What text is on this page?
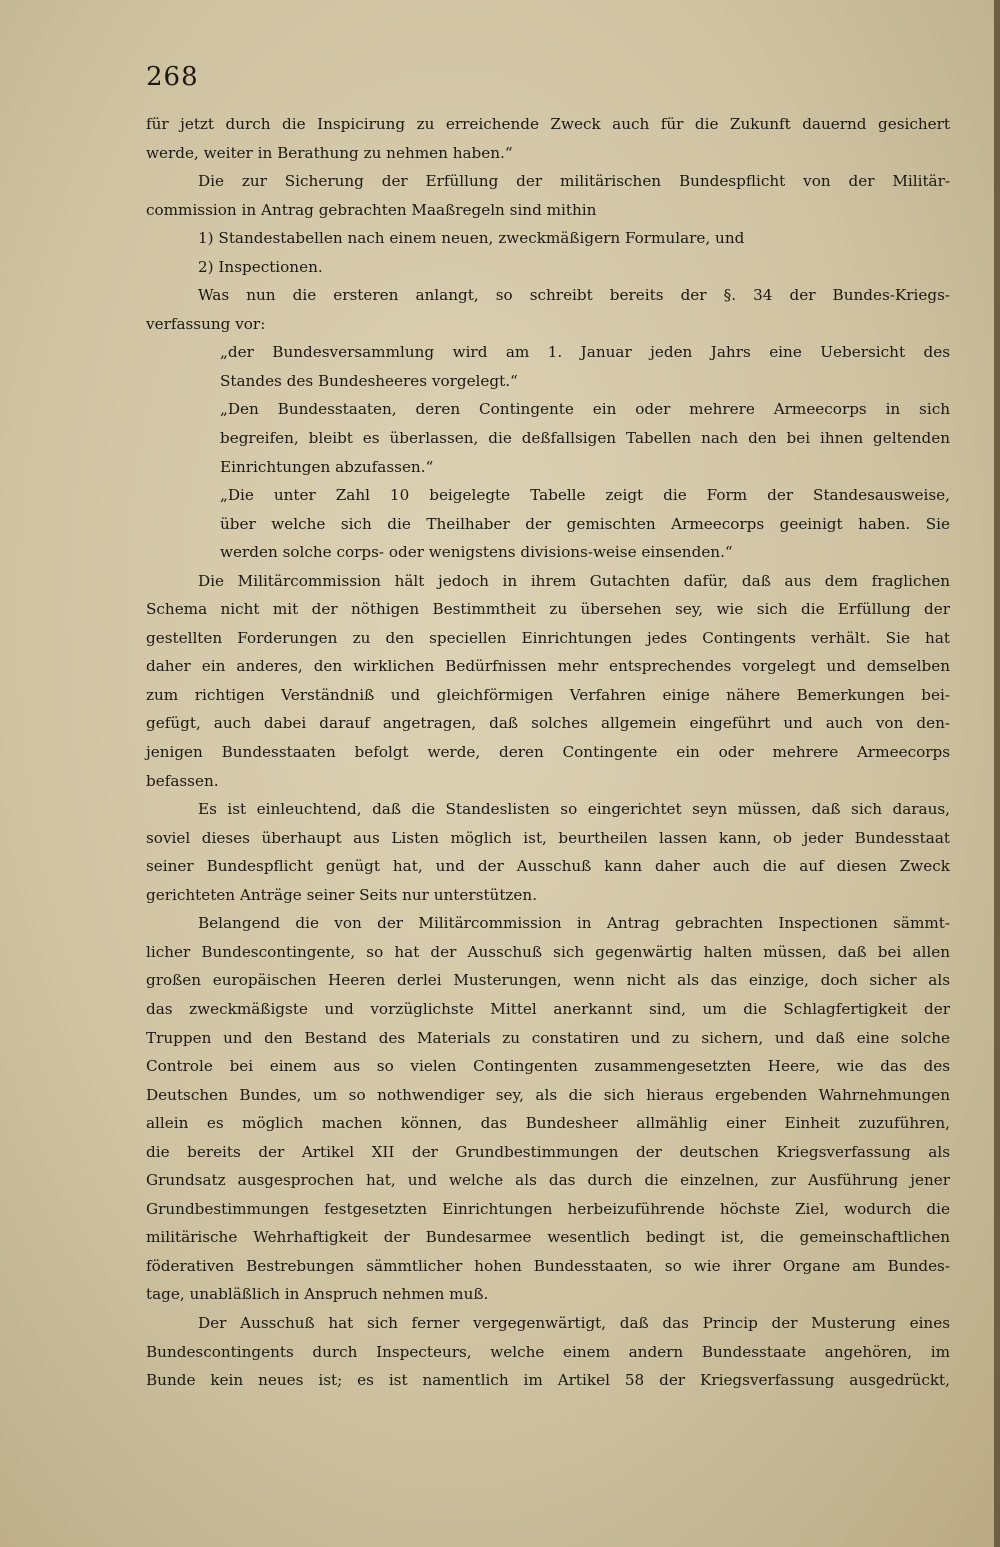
268
für jetzt durch die Inspicirung zu erreichende Zweck auch für die Zukunft dauernd gesichert
werde, weiter in Berathung zu nehmen haben.“
Die zur Sicherung der Erfüllung der militärischen Bundespflicht von der Militär-
commission in Antrag gebrachten Maaßregeln sind mithin
1) Standestabellen nach einem neuen, zweckmäßigern Formulare, und
2) Inspectionen.
Was nun die ersteren anlangt, so schreibt bereits der §. 34 der Bundes-Kriegs-
verfassung vor:
„der Bundesversammlung wird am 1. Januar jeden Jahrs eine Uebersicht des
Standes des Bundesheeres vorgelegt.“
„Den Bundesstaaten, deren Contingente ein oder mehrere Armeecorps in sich
begreifen, bleibt es überlassen, die deßfallsigen Tabellen nach den bei ihnen geltenden
Einrichtungen abzufassen.“
„Die unter Zahl 10 beigelegte Tabelle zeigt die Form der Standesausweise,
über welche sich die Theilhaber der gemischten Armeecorps geeinigt haben. Sie
werden solche corps- oder wenigstens divisions-weise einsenden.“
Die Militärcommission hält jedoch in ihrem Gutachten dafür, daß aus dem fraglichen
Schema nicht mit der nöthigen Bestimmtheit zu übersehen sey, wie sich die Erfüllung der
gestellten Forderungen zu den speciellen Einrichtungen jedes Contingents verhält. Sie hat
daher ein anderes, den wirklichen Bedürfnissen mehr entsprechendes vorgelegt und demselben
zum richtigen Verständniß und gleichförmigen Verfahren einige nähere Bemerkungen bei-
gefügt, auch dabei darauf angetragen, daß solches allgemein eingeführt und auch von den-
jenigen Bundesstaaten befolgt werde, deren Contingente ein oder mehrere Armeecorps
befassen.
Es ist einleuchtend, daß die Standeslisten so eingerichtet seyn müssen, daß sich daraus,
soviel dieses überhaupt aus Listen möglich ist, beurtheilen lassen kann, ob jeder Bundesstaat
seiner Bundespflicht genügt hat, und der Ausschuß kann daher auch die auf diesen Zweck
gerichteten Anträge seiner Seits nur unterstützen.
Belangend die von der Militärcommission in Antrag gebrachten Inspectionen sämmt-
licher Bundescontingente, so hat der Ausschuß sich gegenwärtig halten müssen, daß bei allen
großen europäischen Heeren derlei Musterungen, wenn nicht als das einzige, doch sicher als
das zweckmäßigste und vorzüglichste Mittel anerkannt sind, um die Schlagfertigkeit der
Truppen und den Bestand des Materials zu constatiren und zu sichern, und daß eine solche
Controle bei einem aus so vielen Contingenten zusammengesetzten Heere, wie das des
Deutschen Bundes, um so nothwendiger sey, als die sich hieraus ergebenden Wahrnehmungen
allein es möglich machen können, das Bundesheer allmählig einer Einheit zuzuführen,
die bereits der Artikel XII der Grundbestimmungen der deutschen Kriegsverfassung als
Grundsatz ausgesprochen hat, und welche als das durch die einzelnen, zur Ausführung jener
Grundbestimmungen festgesetzten Einrichtungen herbeizuführende höchste Ziel, wodurch die
militärische Wehrhaftigkeit der Bundesarmee wesentlich bedingt ist, die gemeinschaftlichen
föderativen Bestrebungen sämmtlicher hohen Bundesstaaten, so wie ihrer Organe am Bundes-
tage, unabläßlich in Anspruch nehmen muß.
Der Ausschuß hat sich ferner vergegenwärtigt, daß das Princip der Musterung eines
Bundescontingents durch Inspecteurs, welche einem andern Bundesstaate angehören, im
Bunde kein neues ist; es ist namentlich im Artikel 58 der Kriegsverfassung ausgedrückt,
